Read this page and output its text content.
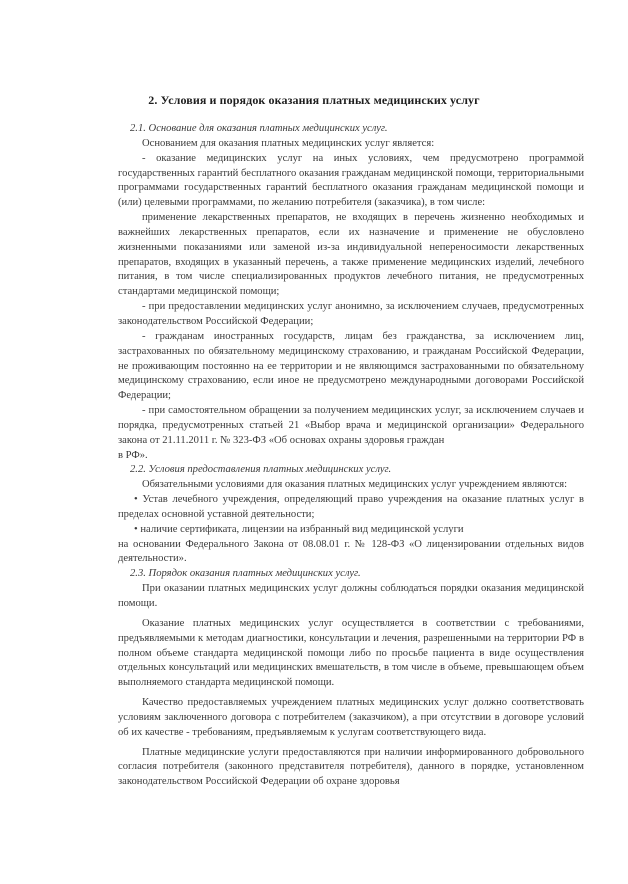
2. Условия и порядок оказания платных медицинских услуг

2.1. Основание для оказания платных медицинских услуг.

Основанием для оказания платных медицинских услуг является:

- оказание медицинских услуг на иных условиях, чем предусмотрено программой государственных гарантий бесплатного оказания гражданам медицинской помощи, территориальными программами государственных гарантий бесплатного оказания гражданам медицинской помощи и (или) целевыми программами, по желанию потребителя (заказчика), в том числе:

применение лекарственных препаратов, не входящих в перечень жизненно необходимых и важнейших лекарственных препаратов, если их назначение и применение не обусловлено жизненными показаниями или заменой из-за индивидуальной непереносимости лекарственных препаратов, входящих в указанный перечень, а также применение медицинских изделий, лечебного питания, в том числе специализированных продуктов лечебного питания, не предусмотренных стандартами медицинской помощи;

- при предоставлении медицинских услуг анонимно, за исключением случаев, предусмотренных законодательством Российской Федерации;

- гражданам иностранных государств, лицам без гражданства, за исключением лиц, застрахованных по обязательному медицинскому страхованию, и гражданам Российской Федерации, не проживающим постоянно на ее территории и не являющимся застрахованными по обязательному медицинскому страхованию, если иное не предусмотрено международными договорами Российской Федерации;

- при самостоятельном обращении за получением медицинских услуг, за исключением случаев и порядка, предусмотренных статьей 21 «Выбор врача и медицинской организации» Федерального закона от 21.11.2011 г. № 323-ФЗ «Об основах охраны здоровья граждан

в РФ».

2.2. Условия предоставления платных медицинских услуг.

Обязательными условиями для оказания платных медицинских услуг учреждением являются:

• Устав лечебного учреждения, определяющий право учреждения на оказание платных услуг в пределах основной уставной деятельности;

• наличие сертификата, лицензии на избранный вид медицинской услуги

на основании Федерального Закона от 08.08.01 г. № 128-ФЗ «О лицензировании отдельных видов деятельности».

2.3. Порядок оказания платных медицинских услуг.

При оказании платных медицинских услуг должны соблюдаться порядки оказания медицинской помощи.

Оказание платных медицинских услуг осуществляется в соответствии с требованиями, предъявляемыми к методам диагностики, консультации и лечения, разрешенными на территории РФ в полном объеме стандарта медицинской помощи либо по просьбе пациента в виде осуществления отдельных консультаций или медицинских вмешательств, в том числе в объеме, превышающем объем выполняемого стандарта медицинской помощи.

Качество предоставляемых учреждением платных медицинских услуг должно соответствовать условиям заключенного договора с потребителем (заказчиком), а при отсутствии в договоре условий об их качестве - требованиям, предъявляемым к услугам соответствующего вида.

Платные медицинские услуги предоставляются при наличии информированного добровольного согласия потребителя (законного представителя потребителя), данного в порядке, установленном законодательством Российской Федерации об охране здоровья
